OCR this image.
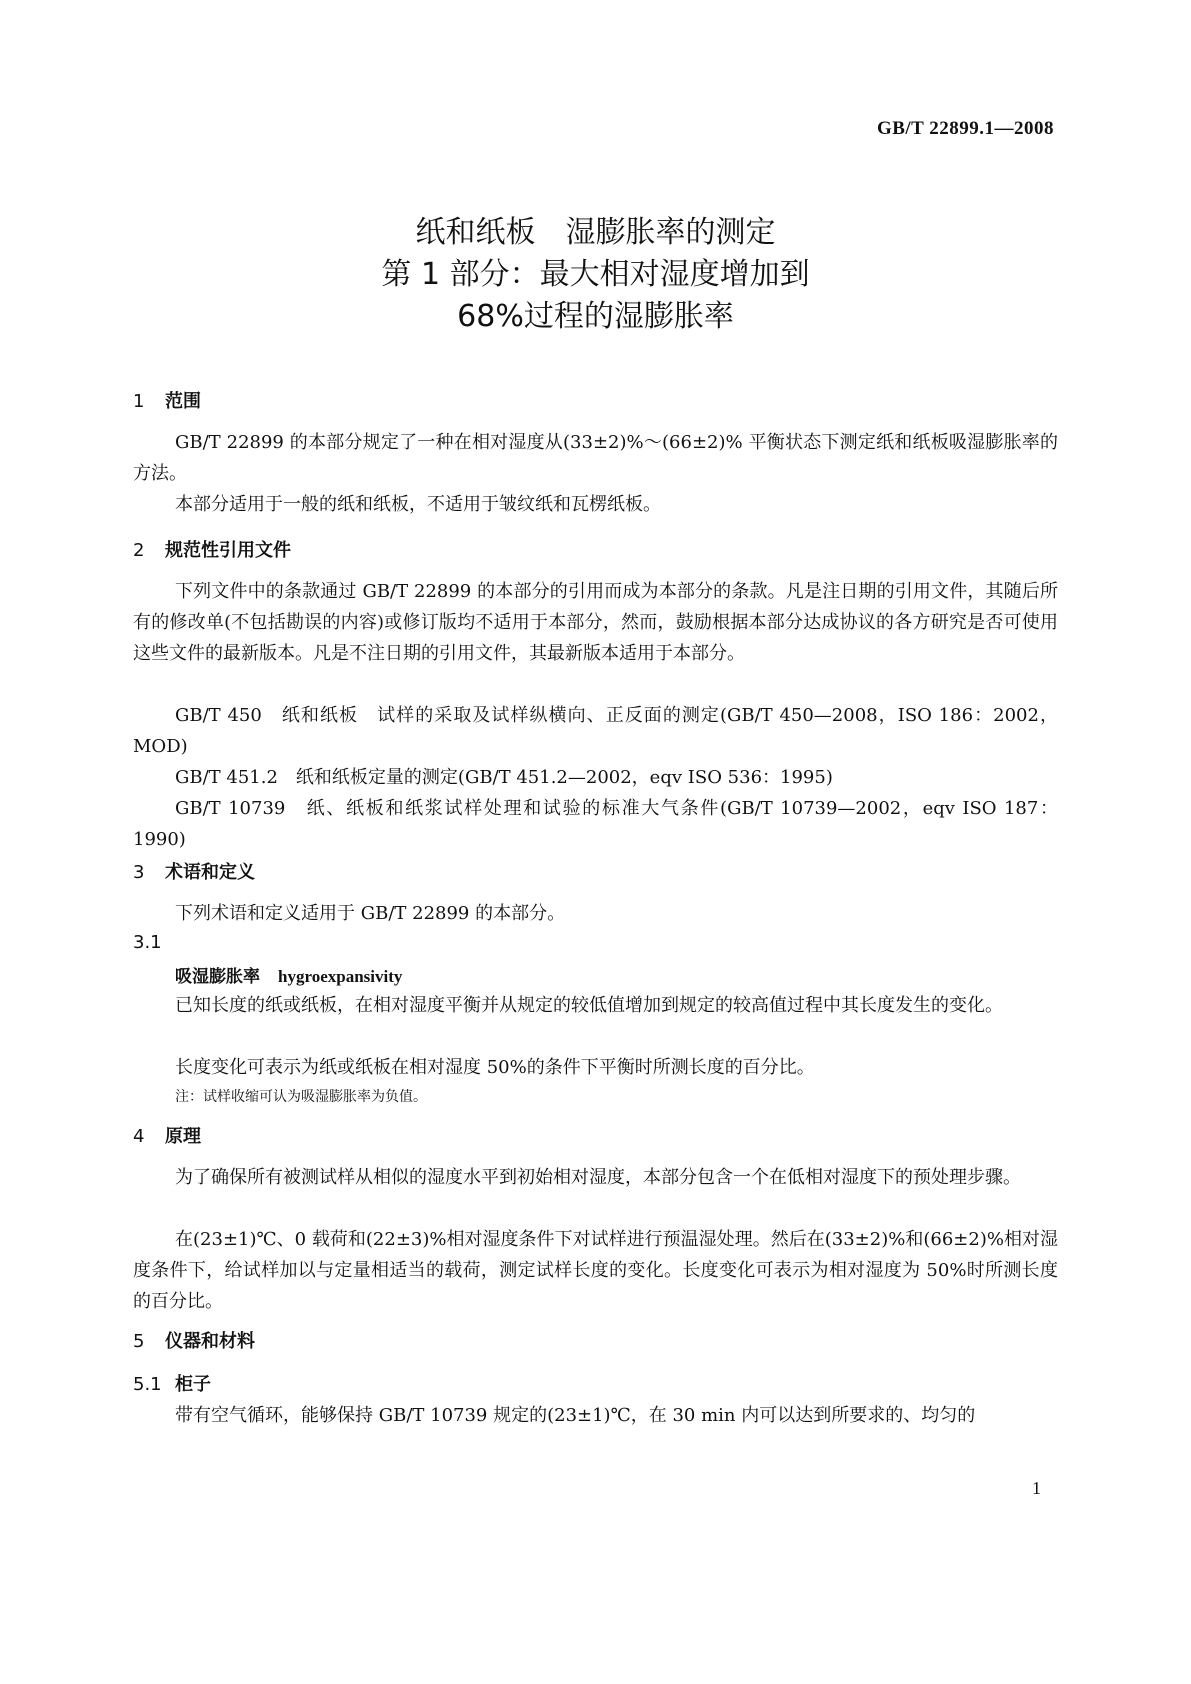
GB/T 22899.1—2008
纸和纸板　湿膨胀率的测定
第 1 部分：最大相对湿度增加到
68%过程的湿膨胀率
1 范围
GB/T 22899 的本部分规定了一种在相对湿度从(33±2)%～(66±2)% 平衡状态下测定纸和纸板吸湿膨胀率的方法。
本部分适用于一般的纸和纸板，不适用于皱纹纸和瓦楞纸板。
2 规范性引用文件
下列文件中的条款通过 GB/T 22899 的本部分的引用而成为本部分的条款。凡是注日期的引用文件，其随后所有的修改单(不包括勘误的内容)或修订版均不适用于本部分，然而，鼓励根据本部分达成协议的各方研究是否可使用这些文件的最新版本。凡是不注日期的引用文件，其最新版本适用于本部分。
GB/T 450　纸和纸板　试样的采取及试样纵横向、正反面的测定(GB/T 450—2008，ISO 186：2002，MOD)
GB/T 451.2　纸和纸板定量的测定(GB/T 451.2—2002，eqv ISO 536：1995)
GB/T 10739　纸、纸板和纸浆试样处理和试验的标准大气条件(GB/T 10739—2002，eqv ISO 187：1990)
3 术语和定义
下列术语和定义适用于 GB/T 22899 的本部分。
3.1
吸湿膨胀率 hygroexpansivity
已知长度的纸或纸板，在相对湿度平衡并从规定的较低值增加到规定的较高值过程中其长度发生的变化。
长度变化可表示为纸或纸板在相对湿度 50%的条件下平衡时所测长度的百分比。
注：试样收缩可认为吸湿膨胀率为负值。
4 原理
为了确保所有被测试样从相似的湿度水平到初始相对湿度，本部分包含一个在低相对湿度下的预处理步骤。
在(23±1)℃、0 载荷和(22±3)%相对湿度条件下对试样进行预温湿处理。然后在(33±2)%和(66±2)%相对湿度条件下，给试样加以与定量相适当的载荷，测定试样长度的变化。长度变化可表示为相对湿度为 50%时所测长度的百分比。
5 仪器和材料
5.1 柜子
带有空气循环，能够保持 GB/T 10739 规定的(23±1)℃，在 30 min 内可以达到所要求的、均匀的
1
